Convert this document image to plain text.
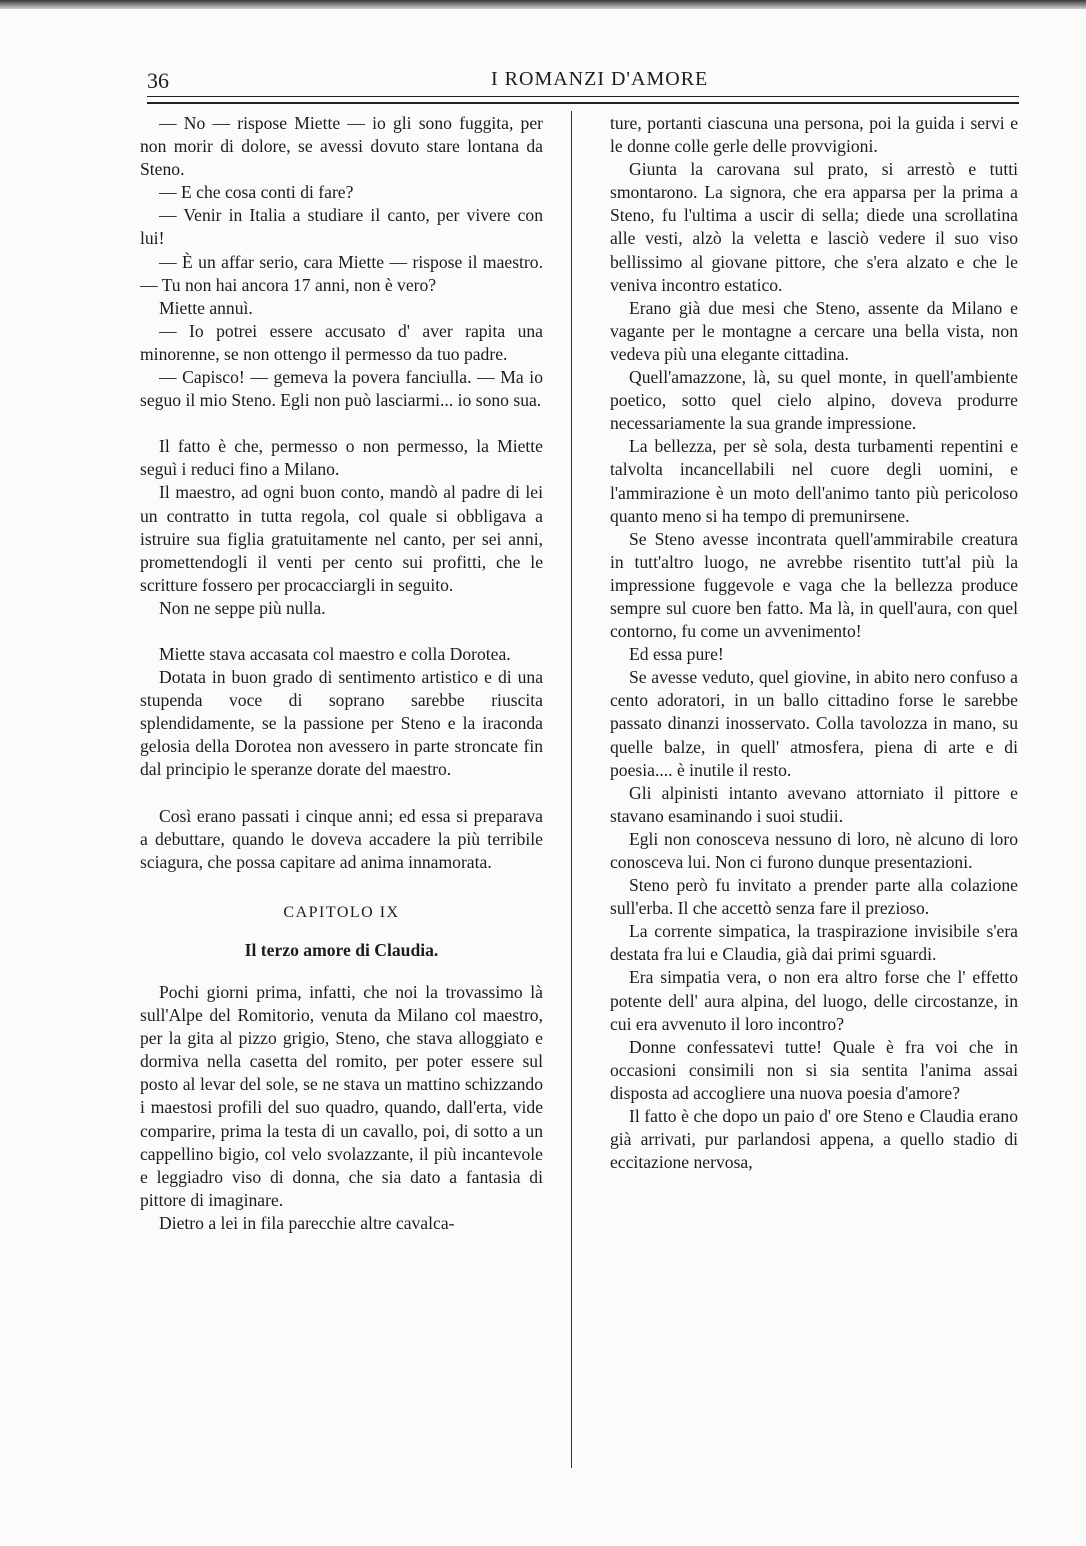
36	I ROMANZI D'AMORE

— No — rispose Miette — io gli sono fuggita, per non morir di dolore, se avessi dovuto stare lontana da Steno.

— E che cosa conti di fare?

— Venir in Italia a studiare il canto, per vivere con lui!

— È un affar serio, cara Miette — rispose il maestro. — Tu non hai ancora 17 anni, non è vero?

Miette annuì.

— Io potrei essere accusato d' aver rapita una minorenne, se non ottengo il permesso da tuo padre.

— Capisco! — gemeva la povera fanciulla. — Ma io seguo il mio Steno. Egli non può lasciarmi... io sono sua.

Il fatto è che, permesso o non permesso, la Miette seguì i reduci fino a Milano.

Il maestro, ad ogni buon conto, mandò al padre di lei un contratto in tutta regola, col quale si obbligava a istruire sua figlia gratuitamente nel canto, per sei anni, promettendogli il venti per cento sui profitti, che le scritture fossero per procacciargli in seguito.

Non ne seppe più nulla.

Miette stava accasata col maestro e colla Dorotea.

Dotata in buon grado di sentimento artistico e di una stupenda voce di soprano sarebbe riuscita splendidamente, se la passione per Steno e la iraconda gelosia della Dorotea non avessero in parte stroncate fin dal principio le speranze dorate del maestro.

Così erano passati i cinque anni; ed essa si preparava a debuttare, quando le doveva accadere la più terribile sciagura, che possa capitare ad anima innamorata.

CAPITOLO IX
Il terzo amore di Claudia.

Pochi giorni prima, infatti, che noi la trovassimo là sull'Alpe del Romitorio, venuta da Milano col maestro, per la gita al pizzo grigio, Steno, che stava alloggiato e dormiva nella casetta del romito, per poter essere sul posto al levar del sole, se ne stava un mattino schizzando i maestosi profili del suo quadro, quando, dall'erta, vide comparire, prima la testa di un cavallo, poi, di sotto a un cappellino bigio, col velo svolazzante, il più incantevole e leggiadro viso di donna, che sia dato a fantasia di pittore di imaginare.

Dietro a lei in fila parecchie altre cavalca-

ture, portanti ciascuna una persona, poi la guida i servi e le donne colle gerle delle provvigioni.

Giunta la carovana sul prato, si arrestò e tutti smontarono. La signora, che era apparsa per la prima a Steno, fu l'ultima a uscir di sella; diede una scrollatina alle vesti, alzò la veletta e lasciò vedere il suo viso bellissimo al giovane pittore, che s'era alzato e che le veniva incontro estatico.

Erano già due mesi che Steno, assente da Milano e vagante per le montagne a cercare una bella vista, non vedeva più una elegante cittadina.

Quell'amazzone, là, su quel monte, in quell'ambiente poetico, sotto quel cielo alpino, doveva produrre necessariamente la sua grande impressione.

La bellezza, per sè sola, desta turbamenti repentini e talvolta incancellabili nel cuore degli uomini, e l'ammirazione è un moto dell'animo tanto più pericoloso quanto meno si ha tempo di premunirsene.

Se Steno avesse incontrata quell'ammirabile creatura in tutt'altro luogo, ne avrebbe risentito tutt'al più la impressione fuggevole e vaga che la bellezza produce sempre sul cuore ben fatto. Ma là, in quell'aura, con quel contorno, fu come un avvenimento!

Ed essa pure!

Se avesse veduto, quel giovine, in abito nero confuso a cento adoratori, in un ballo cittadino forse le sarebbe passato dinanzi inosservato. Colla tavolozza in mano, su quelle balze, in quell' atmosfera, piena di arte e di poesia.... è inutile il resto.

Gli alpinisti intanto avevano attorniato il pittore e stavano esaminando i suoi studii.

Egli non conosceva nessuno di loro, nè alcuno di loro conosceva lui. Non ci furono dunque presentazioni.

Steno però fu invitato a prender parte alla colazione sull'erba. Il che accettò senza fare il prezioso.

La corrente simpatica, la traspirazione invisibile s'era destata fra lui e Claudia, già dai primi sguardi.

Era simpatia vera, o non era altro forse che l' effetto potente dell' aura alpina, del luogo, delle circostanze, in cui era avvenuto il loro incontro?

Donne confessatevi tutte! Quale è fra voi che in occasioni consimili non si sia sentita l'anima assai disposta ad accogliere una nuova poesia d'amore?

Il fatto è che dopo un paio d' ore Steno e Claudia erano già arrivati, pur parlandosi appena, a quello stadio di eccitazione nervosa,
